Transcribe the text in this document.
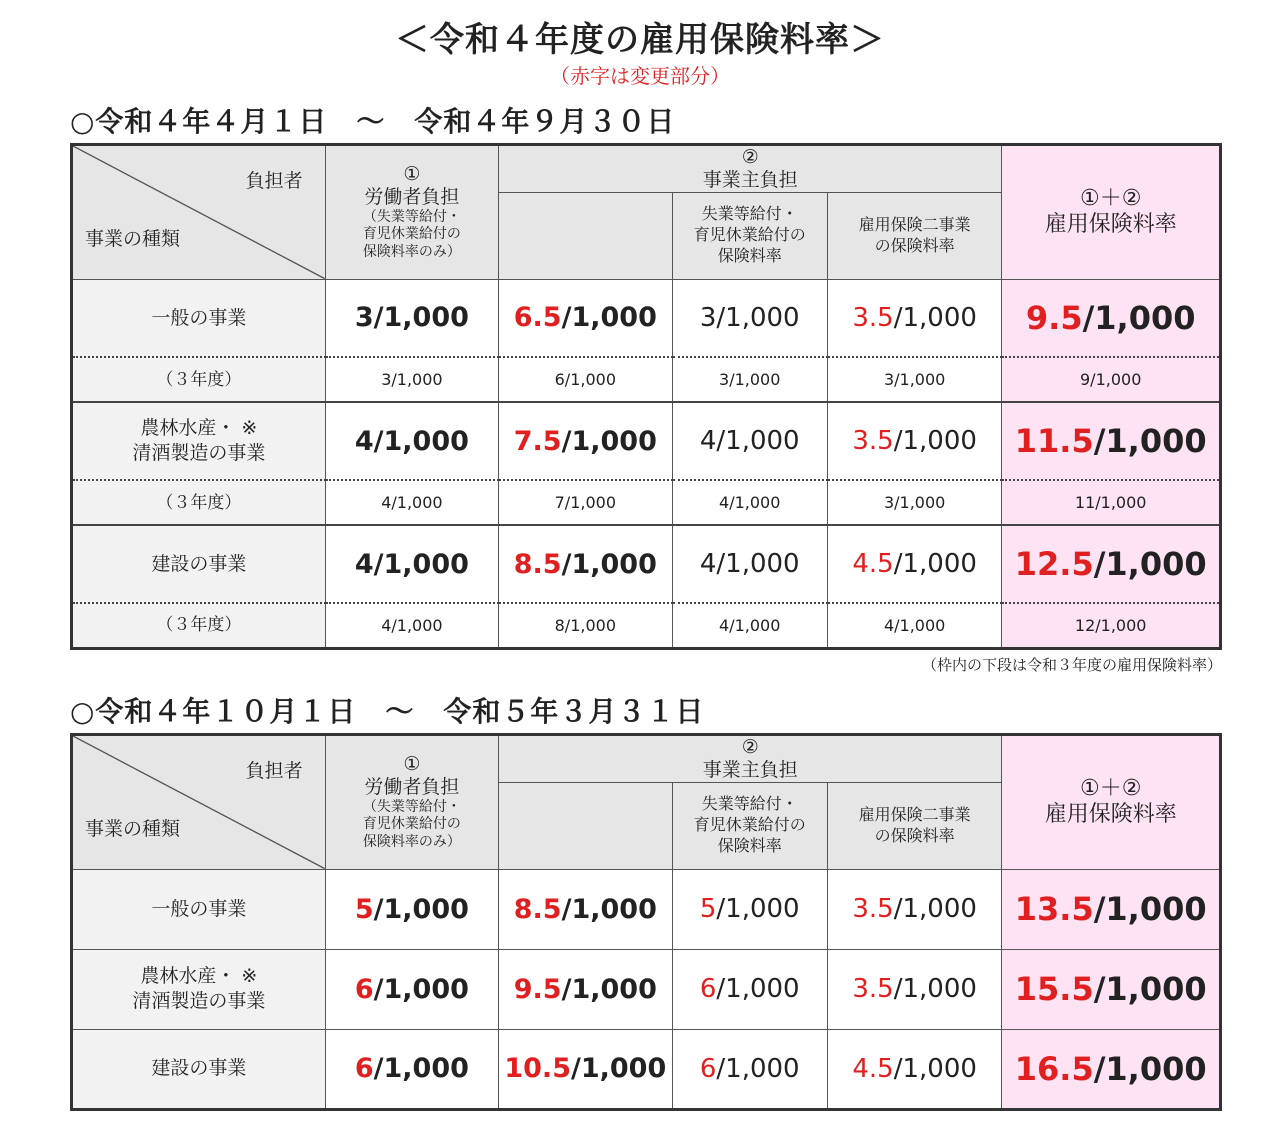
＜令和４年度の雇用保険料率＞
（赤字は変更部分）
○令和４年４月１日　～　令和４年９月３０日
負担者
事業の種類	①
労働者負担
（失業等給付・
育児休業給付の
保険料率のみ）	②
事業主負担			①＋②
雇用保険料率
			失業等給付・
育児休業給付の
保険料率	雇用保険二事業
の保険料率	
一般の事業	3/1,000	6.5/1,000	3/1,000	3.5/1,000	9.5/1,000
（３年度）	3/1,000	6/1,000	3/1,000	3/1,000	9/1,000
農林水産・ ※
清酒製造の事業	4/1,000	7.5/1,000	4/1,000	3.5/1,000	11.5/1,000
（３年度）	4/1,000	7/1,000	4/1,000	3/1,000	11/1,000
建設の事業	4/1,000	8.5/1,000	4/1,000	4.5/1,000	12.5/1,000
（３年度）	4/1,000	8/1,000	4/1,000	4/1,000	12/1,000
（枠内の下段は令和３年度の雇用保険料率）
○令和４年１０月１日　～　令和５年３月３１日
負担者
事業の種類	①
労働者負担
（失業等給付・
育児休業給付の
保険料率のみ）	②
事業主負担			①＋②
雇用保険料率
			失業等給付・
育児休業給付の
保険料率	雇用保険二事業
の保険料率	
一般の事業	5/1,000	8.5/1,000	5/1,000	3.5/1,000	13.5/1,000
農林水産・ ※
清酒製造の事業	6/1,000	9.5/1,000	6/1,000	3.5/1,000	15.5/1,000
建設の事業	6/1,000	10.5/1,000	6/1,000	4.5/1,000	16.5/1,000
